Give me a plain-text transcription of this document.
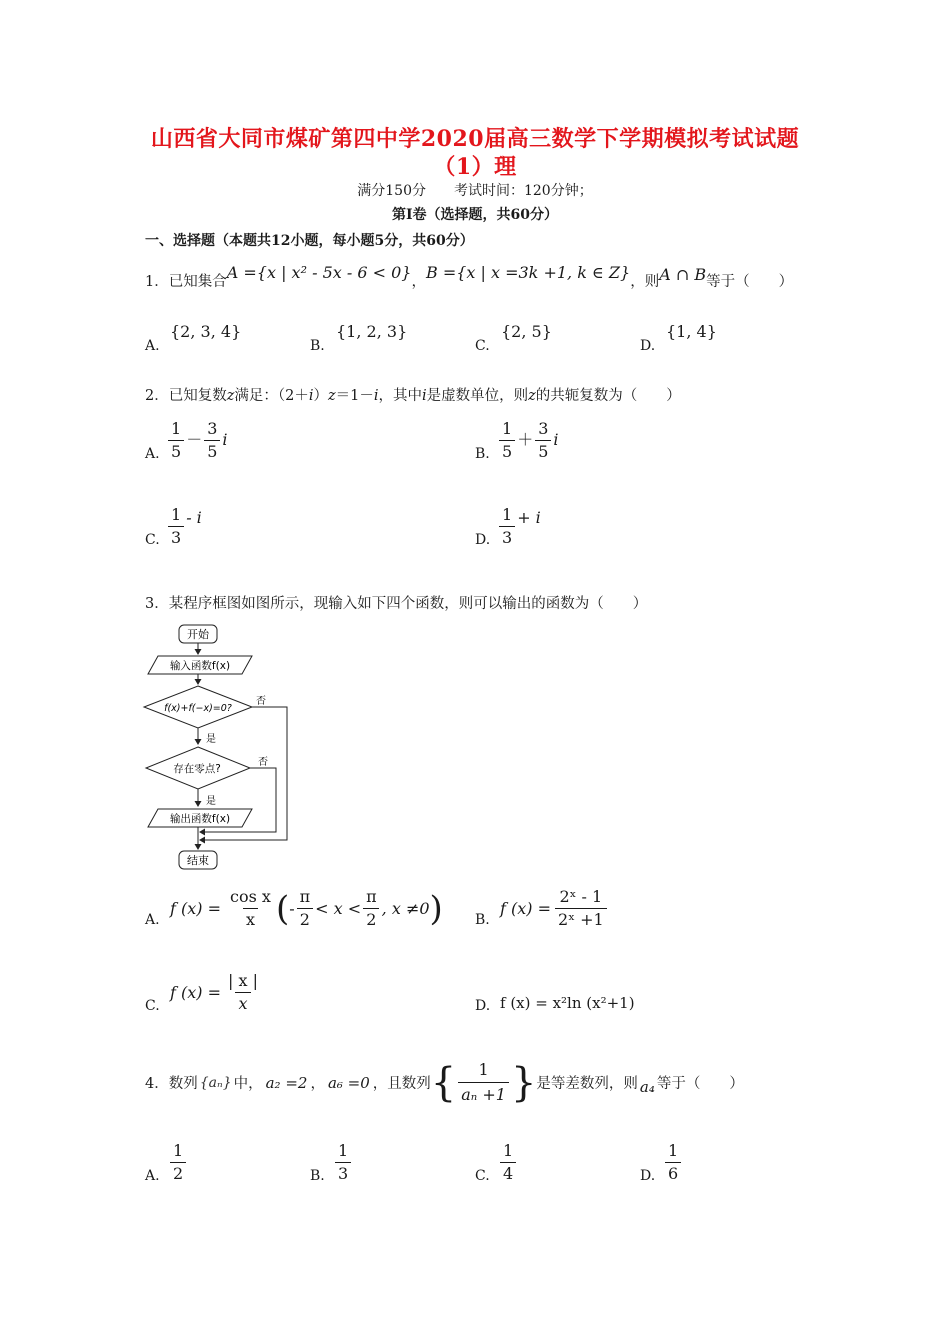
山西省大同市煤矿第四中学2020届高三数学下学期模拟考试试题
（1）理
满分150分　　考试时间：120分钟；
第Ⅰ卷（选择题，共60分）
一、选择题（本题共12小题，每小题5分，共60分）
1．已知集合A ={x | x² - 5x - 6 < 0}，B ={x | x =3k +1, k ∈ Z}，则A ∩ B等于（　　）
A.
{2, 3, 4}
B.
{1, 2, 3}
C.
{2, 5}
D.
{1, 4}
2．已知复数z满足：（2＋i）z＝1－i，其中i是虚数单位，则z的共轭复数为（　　）
A. $\frac{1}{5} - \frac{3}{5}$ i
B. $\frac{1}{5} + \frac{3}{5}$ i
C. $\frac{1}{3}$ - i
D. $\frac{1}{3} + i$
3．某程序框图如图所示，现输入如下四个函数，则可以输出的函数为（　　）
开始
输入函数f(x)
f(x)+f(−x)=0?
否
是
存在零点?
否
是
输出函数f(x)
结束
A.
f $(x) = \frac{\text{cos x}}{x}$ ( - $\frac{\pi}{2} < x < \frac{\pi}{2}$ , x ≠0 ) B.
f $(x) = \frac{\text{2ˣ - 1}}{\text{2ˣ +1}}$
C.
f $(x) = \frac{| x |}{x}$	D. f (x) = x²ln (x²+1)
4． 数列 {aₙ} 中， a₂ =2 ， a₆ =0 ，且数列 { $\frac{1}{\text{aₙ +1}}$ } 是等差数列，则 a₄ 等于（　　）
A. $\frac{1}{2}$	B. $\frac{1}{3}$	C. $\frac{1}{4}$	D. $\frac{1}{6}$
